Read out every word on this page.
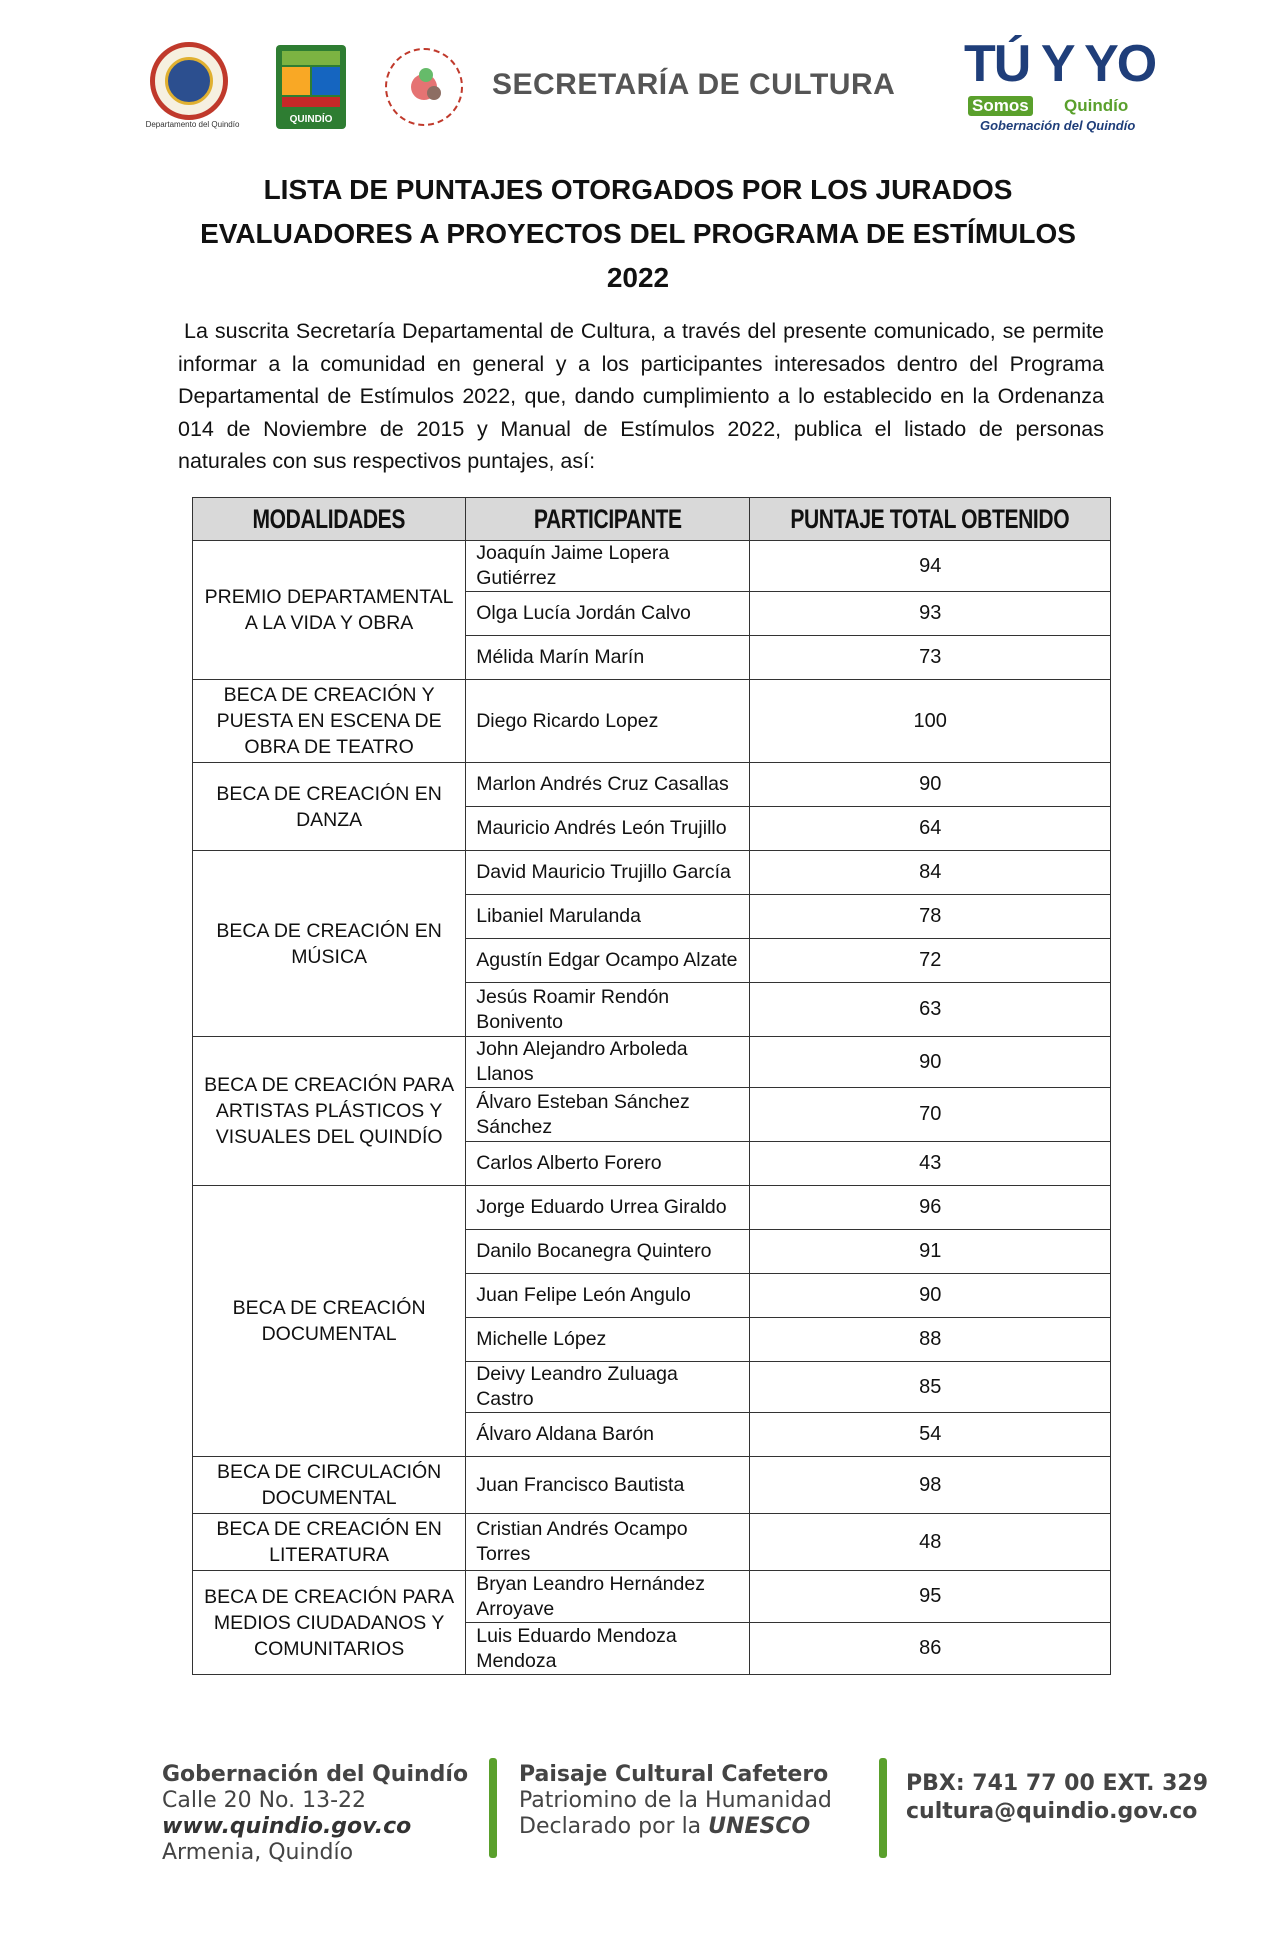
Departamento del Quindío	QUINDÍO
SECRETARÍA DE CULTURA TÚ Y YO
Somos Quindío
Gobernación del Quindío
LISTA DE PUNTAJES OTORGADOS POR LOS JURADOS
EVALUADORES A PROYECTOS DEL PROGRAMA DE ESTÍMULOS
2022
La suscrita Secretaría Departamental de Cultura, a través del presente comunicado, se permite informar a la comunidad en general y a los participantes interesados dentro del Programa Departamental de Estímulos 2022, que, dando cumplimiento a lo establecido en la Ordenanza 014 de Noviembre de 2015 y Manual de Estímulos 2022, publica el listado de personas naturales con sus respectivos puntajes, así:
MODALIDADES	PARTICIPANTE	PUNTAJE TOTAL OBTENIDO
PREMIO DEPARTAMENTAL A LA VIDA Y OBRA	Joaquín Jaime Lopera Gutiérrez	94
	Olga Lucía Jordán Calvo	93
	Mélida Marín Marín	73
BECA DE CREACIÓN Y PUESTA EN ESCENA DE OBRA DE TEATRO	Diego Ricardo Lopez	100
BECA DE CREACIÓN EN DANZA	Marlon Andrés Cruz Casallas	90
	Mauricio Andrés León Trujillo	64
BECA DE CREACIÓN EN MÚSICA	David Mauricio Trujillo García	84
	Libaniel Marulanda	78
	Agustín Edgar Ocampo Alzate	72
	Jesús Roamir Rendón Bonivento	63
BECA DE CREACIÓN PARA ARTISTAS PLÁSTICOS Y VISUALES DEL QUINDÍO	John Alejandro Arboleda Llanos	90
	Álvaro Esteban Sánchez Sánchez	70
	Carlos Alberto Forero	43
BECA DE CREACIÓN DOCUMENTAL	Jorge Eduardo Urrea Giraldo	96
	Danilo Bocanegra Quintero	91
	Juan Felipe León Angulo	90
	Michelle López	88
	Deivy Leandro Zuluaga Castro	85
	Álvaro Aldana Barón	54
BECA DE CIRCULACIÓN DOCUMENTAL	Juan Francisco Bautista	98
BECA DE CREACIÓN EN LITERATURA	Cristian Andrés Ocampo Torres	48
BECA DE CREACIÓN PARA MEDIOS CIUDADANOS Y COMUNITARIOS	Bryan Leandro Hernández Arroyave	95
	Luis Eduardo Mendoza Mendoza	86
Gobernación del Quindío
Calle 20 No. 13-22
www.quindio.gov.co
Armenia, Quindío
Paisaje Cultural Cafetero
Patriomino de la Humanidad
Declarado por la UNESCO
PBX: 741 77 00 EXT. 329
cultura@quindio.gov.co
